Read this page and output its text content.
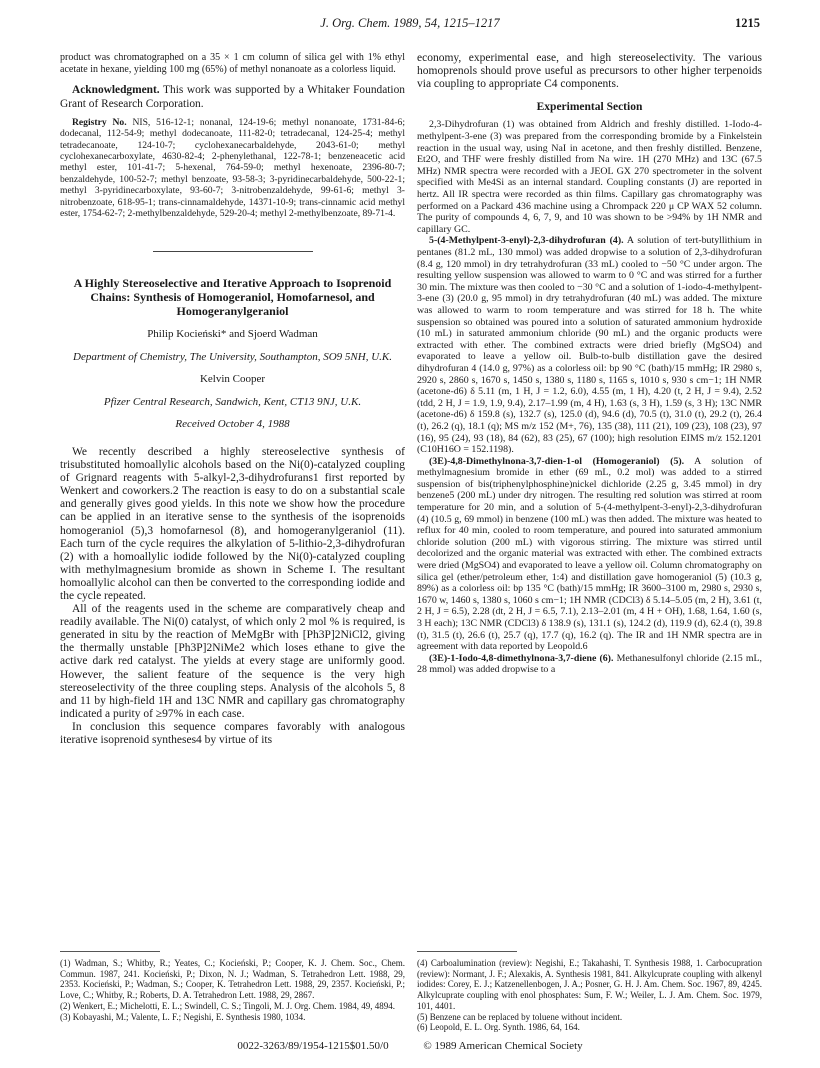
J. Org. Chem. 1989, 54, 1215–1217	1215

product was chromatographed on a 35 × 1 cm column of silica gel with 1% ethyl acetate in hexane, yielding 100 mg (65%) of methyl nonanoate as a colorless liquid.

Acknowledgment. This work was supported by a Whitaker Foundation Grant of Research Corporation.

Registry No. NIS, 516-12-1; nonanal, 124-19-6; methyl nonanoate, 1731-84-6; dodecanal, 112-54-9; methyl dodecanoate, 111-82-0; tetradecanal, 124-25-4; methyl tetradecanoate, 124-10-7; cyclohexanecarbaldehyde, 2043-61-0; methyl cyclohexanecarboxylate, 4630-82-4; 2-phenylethanal, 122-78-1; benzeneacetic acid methyl ester, 101-41-7; 5-hexenal, 764-59-0; methyl hexenoate, 2396-80-7; benzaldehyde, 100-52-7; methyl benzoate, 93-58-3; 3-pyridinecarbaldehyde, 500-22-1; methyl 3-pyridinecarboxylate, 93-60-7; 3-nitrobenzaldehyde, 99-61-6; methyl 3-nitrobenzoate, 618-95-1; trans-cinnamaldehyde, 14371-10-9; trans-cinnamic acid methyl ester, 1754-62-7; 2-methylbenzaldehyde, 529-20-4; methyl 2-methylbenzoate, 89-71-4.

A Highly Stereoselective and Iterative Approach to Isoprenoid Chains: Synthesis of Homogeraniol, Homofarnesol, and Homogeranylgeraniol
Philip Kocieński* and Sjoerd Wadman
Department of Chemistry, The University, Southampton, SO9 5NH, U.K.
Kelvin Cooper
Pfizer Central Research, Sandwich, Kent, CT13 9NJ, U.K.
Received October 4, 1988

We recently described a highly stereoselective synthesis of trisubstituted homoallylic alcohols based on the Ni(0)-catalyzed coupling of Grignard reagents with 5-alkyl-2,3-dihydrofurans1 first reported by Wenkert and coworkers.2 The reaction is easy to do on a substantial scale and generally gives good yields. In this note we show how the procedure can be applied in an iterative sense to the synthesis of the isoprenoids homogeraniol (5),3 homofarnesol (8), and homogeranylgeraniol (11). Each turn of the cycle requires the alkylation of 5-lithio-2,3-dihydrofuran (2) with a homoallylic iodide followed by the Ni(0)-catalyzed coupling with methylmagnesium bromide as shown in Scheme I. The resultant homoallylic alcohol can then be converted to the corresponding iodide and the cycle repeated.

All of the reagents used in the scheme are comparatively cheap and readily available. The Ni(0) catalyst, of which only 2 mol % is required, is generated in situ by the reaction of MeMgBr with [Ph3P]2NiCl2, giving the thermally unstable [Ph3P]2NiMe2 which loses ethane to give the active dark red catalyst. The yields at every stage are uniformly good. However, the salient feature of the sequence is the very high stereoselectivity of the three coupling steps. Analysis of the alcohols 5, 8 and 11 by high-field 1H and 13C NMR and capillary gas chromatography indicated a purity of ≥97% in each case.

In conclusion this sequence compares favorably with analogous iterative isoprenoid syntheses4 by virtue of its

economy, experimental ease, and high stereoselectivity. The various homoprenols should prove useful as precursors to other higher terpenoids via coupling to appropriate C4 components.

Experimental Section

2,3-Dihydrofuran (1) was obtained from Aldrich and freshly distilled. 1-Iodo-4-methylpent-3-ene (3) was prepared from the corresponding bromide by a Finkelstein reaction in the usual way, using NaI in acetone, and then freshly distilled. Benzene, Et2O, and THF were freshly distilled from Na wire. 1H (270 MHz) and 13C (67.5 MHz) NMR spectra were recorded with a JEOL GX 270 spectrometer in the solvent specified with Me4Si as an internal standard. Coupling constants (J) are reported in hertz. All IR spectra were recorded as thin films. Capillary gas chromatography was performed on a Packard 436 machine using a Chrompack 220 μ CP WAX 52 column. The purity of compounds 4, 6, 7, 9, and 10 was shown to be >94% by 1H NMR and capillary GC.

5-(4-Methylpent-3-enyl)-2,3-dihydrofuran (4). A solution of tert-butyllithium in pentanes (81.2 mL, 130 mmol) was added dropwise to a solution of 2,3-dihydrofuran (8.4 g, 120 mmol) in dry tetrahydrofuran (33 mL) cooled to −50 °C under argon. The resulting yellow suspension was allowed to warm to 0 °C and was stirred for a further 30 min. The mixture was then cooled to −30 °C and a solution of 1-iodo-4-methylpent-3-ene (3) (20.0 g, 95 mmol) in dry tetrahydrofuran (40 mL) was added. The mixture was allowed to warm to room temperature and was stirred for 18 h. The white suspension so obtained was poured into a solution of saturated ammonium hydroxide (10 mL) in saturated ammonium chloride (90 mL) and the organic products were extracted with ether. The combined extracts were dried briefly (MgSO4) and evaporated to leave a yellow oil. Bulb-to-bulb distillation gave the desired dihydrofuran 4 (14.0 g, 97%) as a colorless oil: bp 90 °C (bath)/15 mmHg; IR 2980 s, 2920 s, 2860 s, 1670 s, 1450 s, 1380 s, 1180 s, 1165 s, 1010 s, 930 s cm−1; 1H NMR (acetone-d6) δ 5.11 (m, 1 H, J = 1.2, 6.0), 4.55 (m, 1 H), 4.20 (t, 2 H, J = 9.4), 2.52 (tdd, 2 H, J = 1.9, 1.9, 9.4), 2.17–1.99 (m, 4 H), 1.63 (s, 3 H), 1.59 (s, 3 H); 13C NMR (acetone-d6) δ 159.8 (s), 132.7 (s), 125.0 (d), 94.6 (d), 70.5 (t), 31.0 (t), 29.2 (t), 26.4 (t), 26.2 (q), 18.1 (q); MS m/z 152 (M+, 76), 135 (38), 111 (21), 109 (23), 108 (23), 97 (16), 95 (24), 93 (18), 84 (62), 83 (25), 67 (100); high resolution EIMS m/z 152.1201 (C10H16O = 152.1198).

(3E)-4,8-Dimethylnona-3,7-dien-1-ol (Homogeraniol) (5). A solution of methylmagnesium bromide in ether (69 mL, 0.2 mol) was added to a stirred suspension of bis(triphenylphosphine)nickel dichloride (2.25 g, 3.45 mmol) in dry benzene5 (200 mL) under dry nitrogen. The resulting red solution was stirred at room temperature for 20 min, and a solution of 5-(4-methylpent-3-enyl)-2,3-dihydrofuran (4) (10.5 g, 69 mmol) in benzene (100 mL) was then added. The mixture was heated to reflux for 40 min, cooled to room temperature, and poured into saturated ammonium chloride solution (200 mL) with vigorous stirring. The mixture was stirred until decolorized and the organic material was extracted with ether. The combined extracts were dried (MgSO4) and evaporated to leave a yellow oil. Column chromatography on silica gel (ether/petroleum ether, 1:4) and distillation gave homogeraniol (5) (10.3 g, 89%) as a colorless oil: bp 135 °C (bath)/15 mmHg; IR 3600–3100 m, 2980 s, 2930 s, 1670 w, 1460 s, 1380 s, 1060 s cm−1; 1H NMR (CDCl3) δ 5.14–5.05 (m, 2 H), 3.61 (t, 2 H, J = 6.5), 2.28 (dt, 2 H, J = 6.5, 7.1), 2.13–2.01 (m, 4 H + OH), 1.68, 1.64, 1.60 (s, 3 H each); 13C NMR (CDCl3) δ 138.9 (s), 131.1 (s), 124.2 (d), 119.9 (d), 62.4 (t), 39.8 (t), 31.5 (t), 26.6 (t), 25.7 (q), 17.7 (q), 16.2 (q). The IR and 1H NMR spectra are in agreement with data reported by Leopold.6

(3E)-1-Iodo-4,8-dimethylnona-3,7-diene (6). Methanesulfonyl chloride (2.15 mL, 28 mmol) was added dropwise to a

(1) Wadman, S.; Whitby, R.; Yeates, C.; Kocieński, P.; Cooper, K. J. Chem. Soc., Chem. Commun. 1987, 241. Kocieński, P.; Dixon, N. J.; Wadman, S. Tetrahedron Lett. 1988, 29, 2353. Kocieński, P.; Wadman, S.; Cooper, K. Tetrahedron Lett. 1988, 29, 2357. Kocieński, P.; Love, C.; Whitby, R.; Roberts, D. A. Tetrahedron Lett. 1988, 29, 2867.

(2) Wenkert, E.; Michelotti, E. L.; Swindell, C. S.; Tingoli, M. J. Org. Chem. 1984, 49, 4894.

(3) Kobayashi, M.; Valente, L. F.; Negishi, E. Synthesis 1980, 1034.

(4) Carboalumination (review): Negishi, E.; Takahashi, T. Synthesis 1988, 1. Carbocupration (review): Normant, J. F.; Alexakis, A. Synthesis 1981, 841. Alkylcuprate coupling with alkenyl iodides: Corey, E. J.; Katzenellenbogen, J. A.; Posner, G. H. J. Am. Chem. Soc. 1967, 89, 4245. Alkylcuprate coupling with enol phosphates: Sum, F. W.; Weiler, L. J. Am. Chem. Soc. 1979, 101, 4401.

(5) Benzene can be replaced by toluene without incident.

(6) Leopold, E. L. Org. Synth. 1986, 64, 164.

0022-3263/89/1954-1215$01.50/0	© 1989 American Chemical Society
